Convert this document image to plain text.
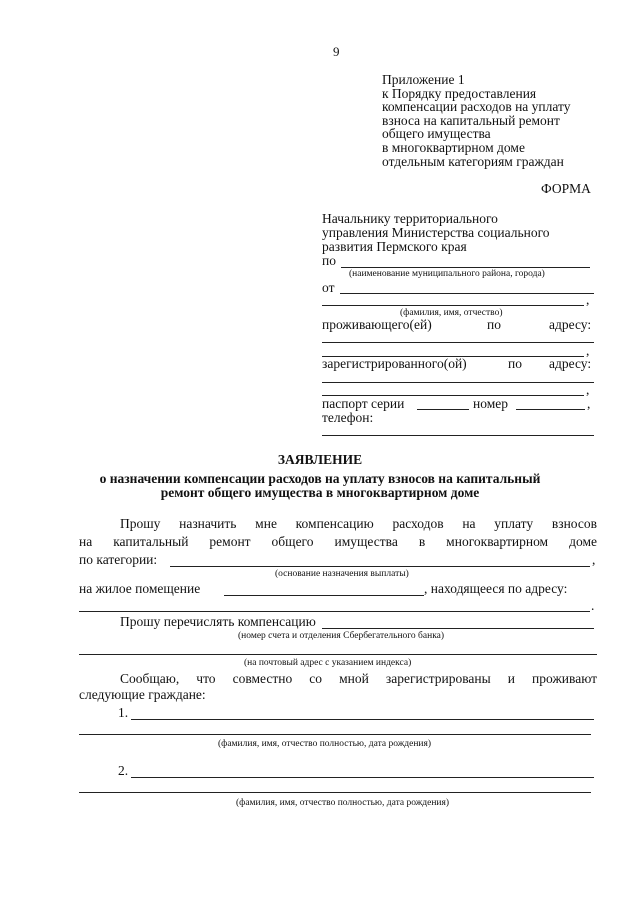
9
Приложение 1
к Порядку предоставления
компенсации расходов на уплату
взноса на капитальный ремонт
общего имущества
в многоквартирном доме
отдельным категориям граждан
ФОРМА
Начальнику территориального
управления Министерства социального
развития Пермского края
по
(наименование муниципального района, города)
от
,
(фамилия, имя, отчество)
проживающего(ей)	по	адресу:
,
зарегистрированного(ой)	по адресу:
,
паспорт серии	номер	,
телефон:
ЗАЯВЛЕНИЕ
о назначении компенсации расходов на уплату взносов на капитальный
ремонт общего имущества в многоквартирном доме
Прошу назначить мне компенсацию расходов на уплату взносов
на капитальный ремонт общего имущества в многоквартирном доме
по категории:	,
(основание назначения выплаты)
на жилое помещение	, находящееся по адресу:
.
Прошу перечислять компенсацию
(номер счета и отделения Сбербегательного банка)
(на почтовый адрес с указанием индекса)
Сообщаю, что совместно со мной зарегистрированы и проживают
следующие граждане:
1.
(фамилия, имя, отчество полностью, дата рождения)
2.
(фамилия, имя, отчество полностью, дата рождения)
